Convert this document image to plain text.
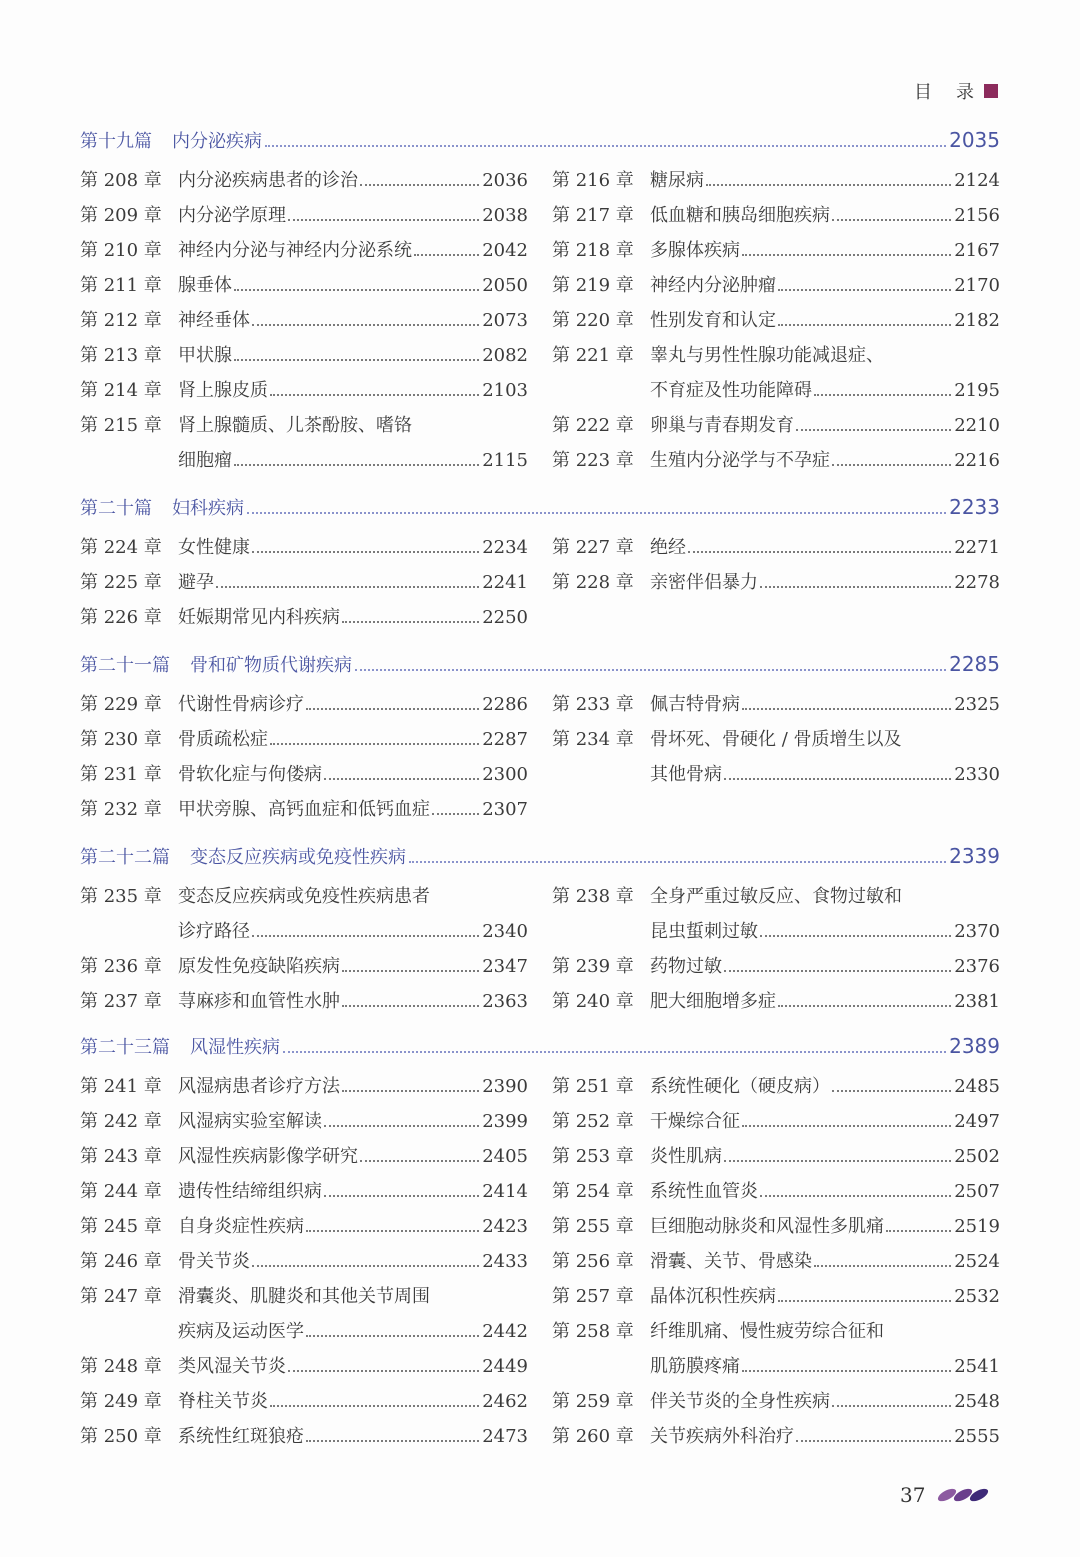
目 录
第十九篇 内分泌疾病	2035
第 208 章 内分泌疾病患者的诊治	2036
第 209 章 内分泌学原理	2038
第 210 章 神经内分泌与神经内分泌系统	2042
第 211 章 腺垂体	2050
第 212 章 神经垂体	2073
第 213 章 甲状腺	2082
第 214 章 肾上腺皮质	2103
第 215 章 肾上腺髓质、儿茶酚胺、嗜铬
细胞瘤	2115
第 216 章 糖尿病	2124
第 217 章 低血糖和胰岛细胞疾病	2156
第 218 章 多腺体疾病	2167
第 219 章 神经内分泌肿瘤	2170
第 220 章 性别发育和认定	2182
第 221 章 睾丸与男性性腺功能减退症、
不育症及性功能障碍	2195
第 222 章 卵巢与青春期发育	2210
第 223 章 生殖内分泌学与不孕症	2216
第二十篇 妇科疾病	2233
第 224 章 女性健康	2234
第 225 章 避孕	2241
第 226 章 妊娠期常见内科疾病	2250
第 227 章 绝经	2271
第 228 章 亲密伴侣暴力	2278
第二十一篇 骨和矿物质代谢疾病	2285
第 229 章 代谢性骨病诊疗	2286
第 230 章 骨质疏松症	2287
第 231 章 骨软化症与佝偻病	2300
第 232 章 甲状旁腺、高钙血症和低钙血症	2307
第 233 章 佩吉特骨病	2325
第 234 章 骨坏死、骨硬化 / 骨质增生以及
其他骨病	2330
第二十二篇 变态反应疾病或免疫性疾病	2339
第 235 章 变态反应疾病或免疫性疾病患者
诊疗路径	2340
第 236 章 原发性免疫缺陷疾病	2347
第 237 章 荨麻疹和血管性水肿	2363
第 238 章 全身严重过敏反应、食物过敏和
昆虫蜇刺过敏	2370
第 239 章 药物过敏	2376
第 240 章 肥大细胞增多症	2381
第二十三篇 风湿性疾病	2389
第 241 章 风湿病患者诊疗方法	2390
第 242 章 风湿病实验室解读	2399
第 243 章 风湿性疾病影像学研究	2405
第 244 章 遗传性结缔组织病	2414
第 245 章 自身炎症性疾病	2423
第 246 章 骨关节炎	2433
第 247 章 滑囊炎、肌腱炎和其他关节周围
疾病及运动医学	2442
第 248 章 类风湿关节炎	2449
第 249 章 脊柱关节炎	2462
第 250 章 系统性红斑狼疮	2473
第 251 章 系统性硬化（硬皮病）	2485
第 252 章 干燥综合征	2497
第 253 章 炎性肌病	2502
第 254 章 系统性血管炎	2507
第 255 章 巨细胞动脉炎和风湿性多肌痛	2519
第 256 章 滑囊、关节、骨感染	2524
第 257 章 晶体沉积性疾病	2532
第 258 章 纤维肌痛、慢性疲劳综合征和
肌筋膜疼痛	2541
第 259 章 伴关节炎的全身性疾病	2548
第 260 章 关节疾病外科治疗	2555
37
